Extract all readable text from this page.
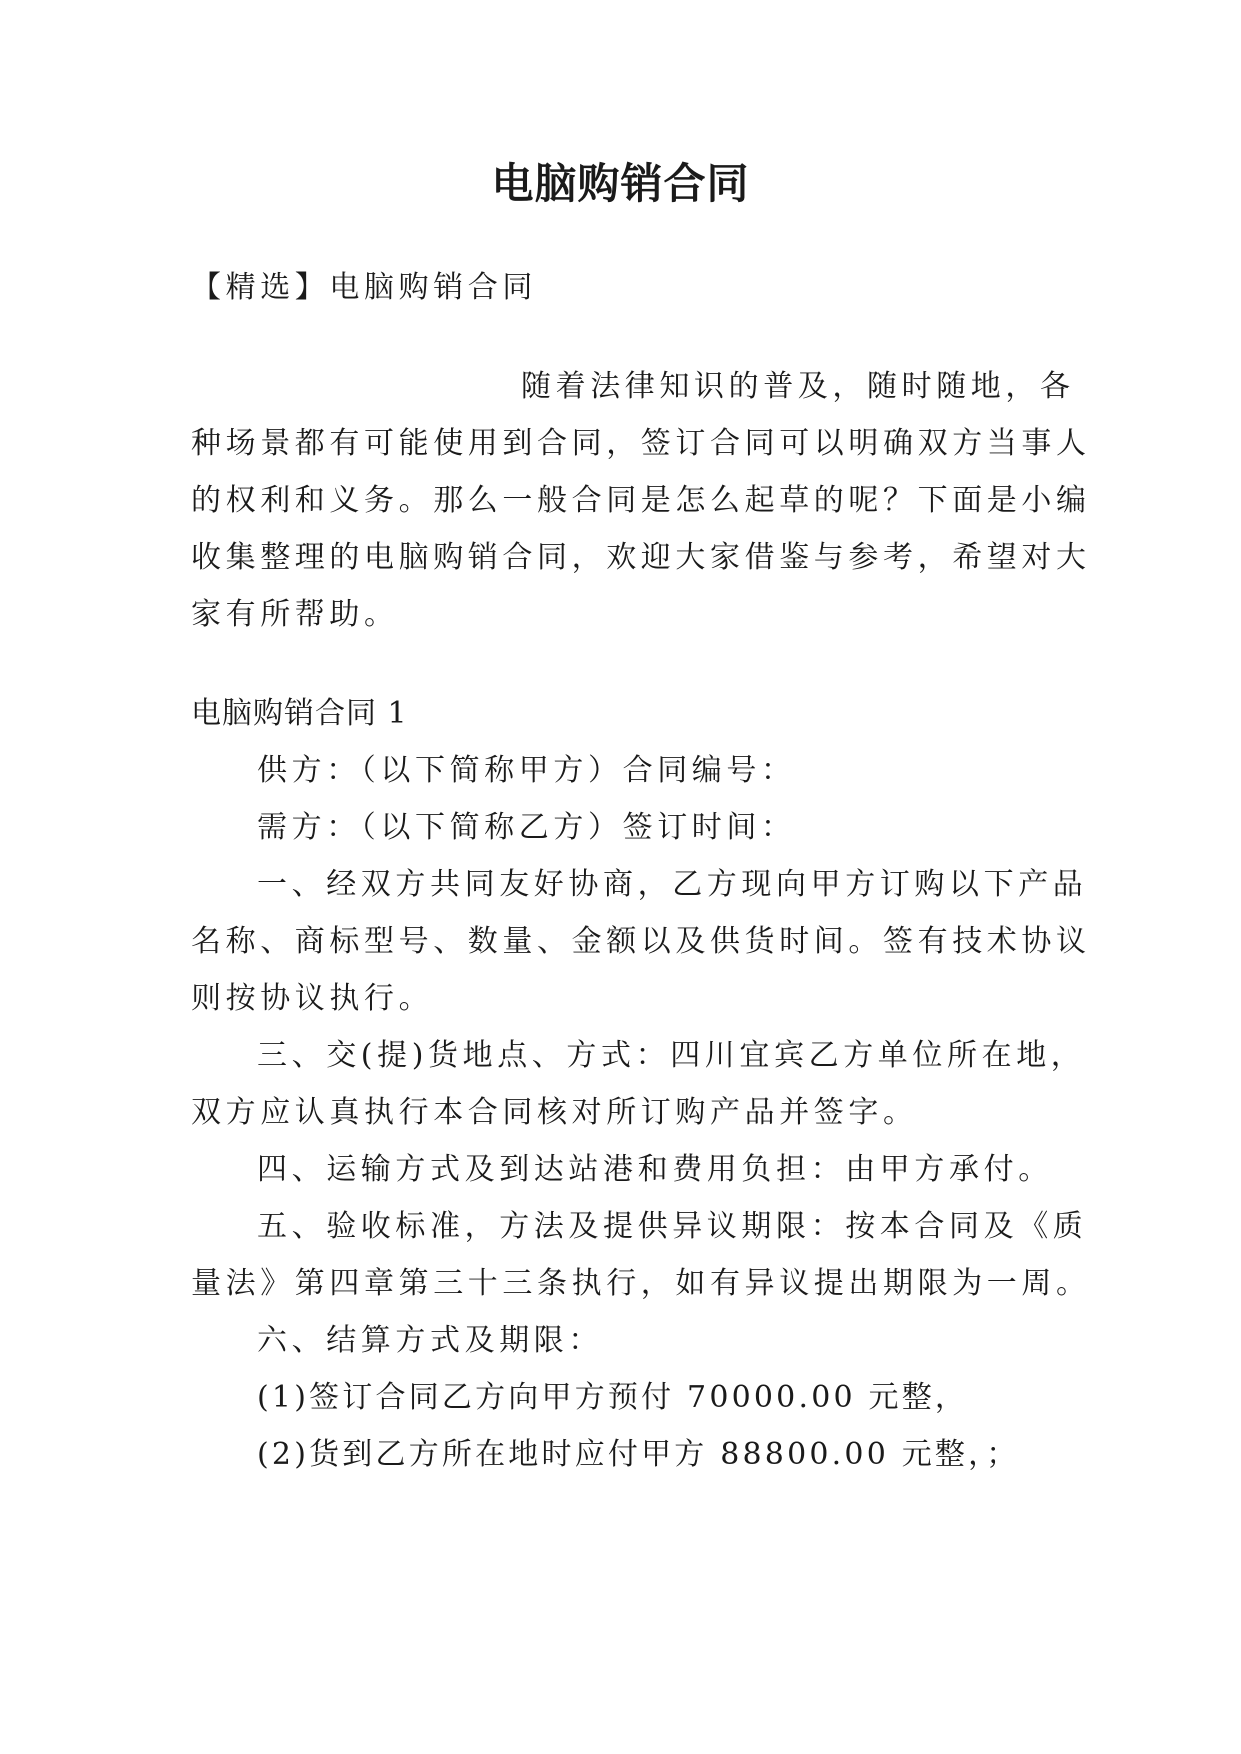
电脑购销合同
【精选】电脑购销合同
随着法律知识的普及，随时随地，各
种场景都有可能使用到合同，签订合同可以明确双方当事人
的权利和义务。那么一般合同是怎么起草的呢？下面是小编
收集整理的电脑购销合同，欢迎大家借鉴与参考，希望对大
家有所帮助。
电脑购销合同 1
供方：（以下简称甲方）合同编号：
需方：（以下简称乙方）签订时间：
一、经双方共同友好协商，乙方现向甲方订购以下产品
名称、商标型号、数量、金额以及供货时间。签有技术协议
则按协议执行。
三、交(提)货地点、方式：四川宜宾乙方单位所在地，
双方应认真执行本合同核对所订购产品并签字。
四、运输方式及到达站港和费用负担：由甲方承付。
五、验收标准，方法及提供异议期限：按本合同及《质
量法》第四章第三十三条执行，如有异议提出期限为一周。
六、结算方式及期限：
(1)签订合同乙方向甲方预付 70000.00 元整，
(2)货到乙方所在地时应付甲方 88800.00 元整，；
